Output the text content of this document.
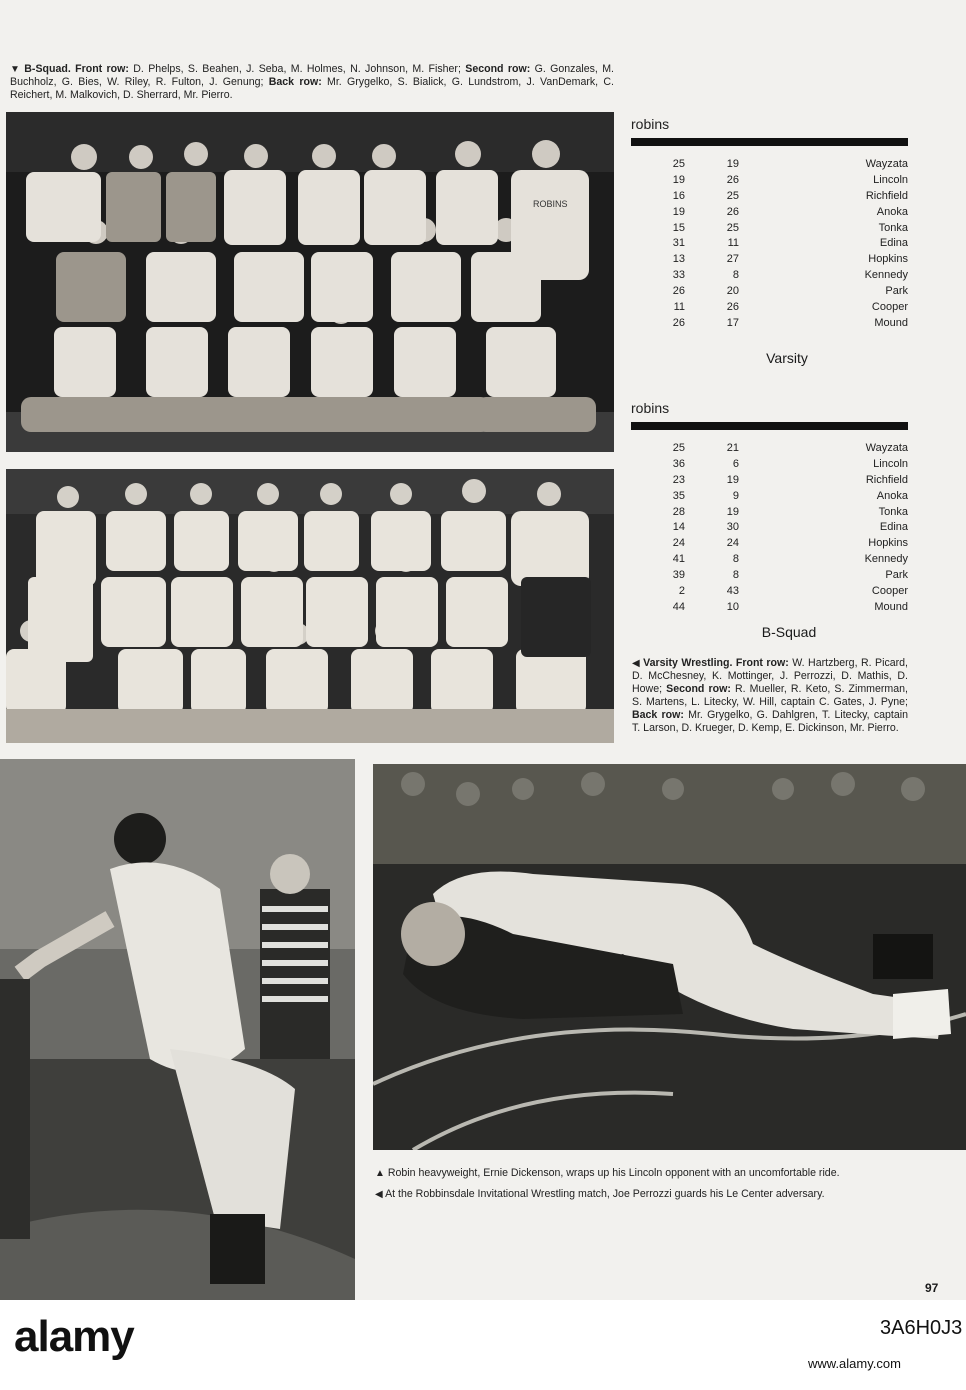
▼ B-Squad. Front row: D. Phelps, S. Beahen, J. Seba, M. Holmes, N. Johnson, M. Fisher; Second row: G. Gonzales, M. Buchholz, G. Bies, W. Riley, R. Fulton, J. Genung; Back row: Mr. Grygelko, S. Bialick, G. Lundstrom, J. VanDemark, C. Reichert, M. Malkovich, D. Sherrard, Mr. Pierro.
ROBINS
robins
25	19	Wayzata
19	26	Lincoln
16	25	Richfield
19	26	Anoka
15	25	Tonka
31	11	Edina
13	27	Hopkins
33	8	Kennedy
26	20	Park
11	26	Cooper
26	17	Mound
Varsity
robins
25	21	Wayzata
36	6	Lincoln
23	19	Richfield
35	9	Anoka
28	19	Tonka
14	30	Edina
24	24	Hopkins
41	8	Kennedy
39	8	Park
2	43	Cooper
44	10	Mound
B-Squad
◀ Varsity Wrestling. Front row: W. Hartzberg, R. Picard, D. McChesney, K. Mottinger, J. Perrozzi, D. Mathis, D. Howe; Second row: R. Mueller, R. Keto, S. Zimmerman, S. Martens, L. Litecky, W. Hill, captain C. Gates, J. Pyne; Back row: Mr. Grygelko, G. Dahlgren, T. Litecky, captain T. Larson, D. Krueger, D. Kemp, E. Dickinson, Mr. Pierro.
▲ Robin heavyweight, Ernie Dickenson, wraps up his Lincoln opponent with an uncomfortable ride.
◀ At the Robbinsdale Invitational Wrestling match, Joe Perrozzi guards his Le Center adversary.
97
alamy	3A6H0J3
www.alamy.com
